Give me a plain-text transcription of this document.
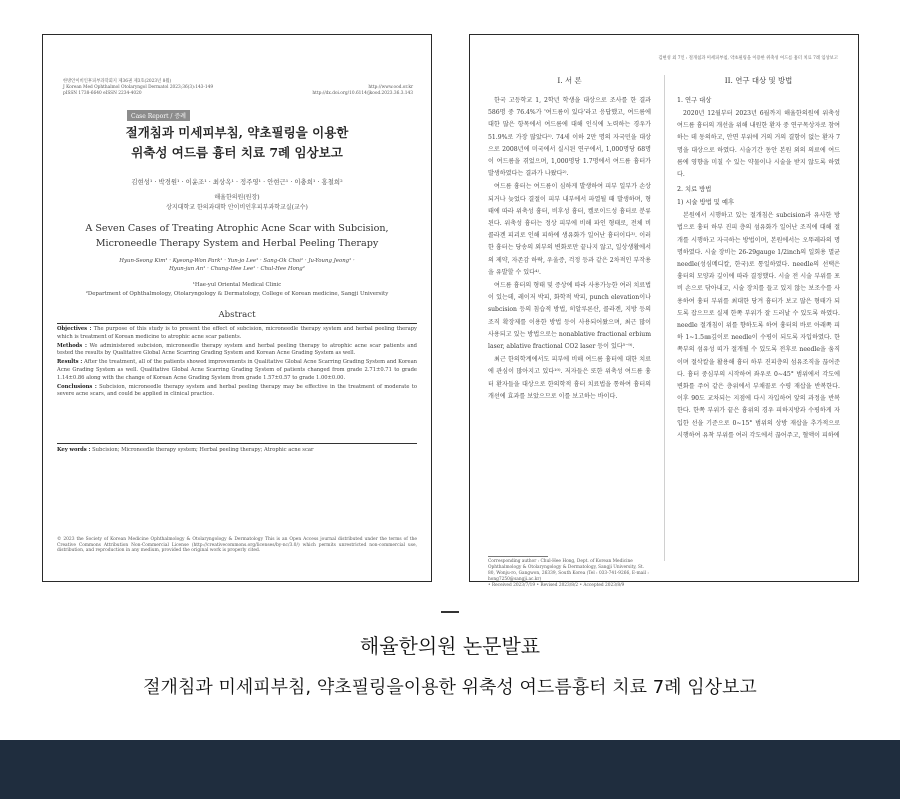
한방안이비인후피부과학회지 제36권 제3호(2023년 8월)
J Korean Med Ophthalmol Otolaryngol Dermatol 2023;36(3):143-149
pISSN 1738-6640 eISSN 2234-4020
http://www.ood.or.kr
http://dx.doi.org/10.6114/jkood.2023.36.3.143
Case Report / 증례
절개침과 미세피부침, 약초필링을 이용한
위축성 여드름 흉터 치료 7례 임상보고
김현성¹ · 박경원¹ · 이윤조¹ · 최상옥¹ · 정주영¹ · 안현근¹ · 이충희¹ · 홍철희²
해율한의원(원장)
상지대학교 한의과대학 안이비인후피부과학교실(교수)
A Seven Cases of Treating Atrophic Acne Scar with Subcision,
Microneedle Therapy System and Herbal Peeling Therapy
Hyun-Seong Kim¹ · Kyeong-Won Park¹ · Yun-jo Lee¹ · Sang-Ok Choi¹ · Ju-Young Jeong¹ ·
Hyun-jun An¹ · Chung-Hee Lee¹ · Chul-Hee Hong²
¹Hae-yul Oriental Medical Clinic
²Department of Ophthalmology, Otolaryngology & Dermatology, College of Korean medicine, Sangji University
Abstract

Objectives : The purpose of this study is to present the effect of subcision, microneedle therapy system and herbal peeling therapy which is treatment of Korean medicine to atrophic acne scar patients.

Methods : We administered subcision, microneedle therapy system and herbal peeling therapy to atrophic acne scar patients and tested the results by Qualitative Global Acne Scarring Grading System and Korean Acne Grading System as well.

Results : After the treatment, all of the patients showed improvements in Qualitative Global Acne Scarring Grading System and Korean Acne Grading System as well. Qualitative Global Acne Scarring Grading System of patients changed from grade 2.71±0.71 to grade 1.14±0.86 along with the change of Korean Acne Grading System from grade 1.57±0.57 to grade 1.00±0.00.

Conclusions : Subcision, microneedle therapy system and herbal peeling therapy may be effective in the treatment of moderate to severe acne scars, and could be applied in clinical practice.

Key words : Subcision; Microneedle therapy system; Herbal peeling therapy; Atrophic acne scar
© 2023 the Society of Korean Medicine Ophthalmology & Otolaryngology & Dermatology This is an Open Access journal distributed under the terms of the Creative Commons Attribution Non-Commercial License (http://creativecommons.org/licenses/by-nc/3.0/) which permits unrestricted non-commercial use, distribution, and reproduction in any medium, provided the original work is properly cited.
김현성 외 7인 : 절개침과 미세피부침, 약초필링을 이용한 위축성 여드름 흉터 치료 7례 임상보고
I. 서 론

한국 고등학교 1, 2학년 학생을 대상으로 조사를 한 결과 586명 중 76.4%가 '여드름이 있다'라고 응답했고, 여드름에 대한 많은 항목에서 여드름에 대해 인식에 노력하는 경우가 51.9%로 가장 많았다¹⁾. 74세 이하 2만 명의 자국민을 대상으로 2008년에 미국에서 실시된 연구에서, 1,000명당 68명이 여드름을 겪었으며, 1,000명당 1.7명에서 여드름 흉터가 발생하였다는 결과가 나왔다²⁾.

여드름 흉터는 여드름이 심하게 발생하여 피부 일부가 손상되거나 늦었다 결절이 피부 내부에서 파열될 때 발생하며, 형태에 따라 위축성 흉터, 비후성 흉터, 켈로이드성 흉터로 분류된다. 위축성 흉터는 정상 피부에 비해 파인 형태로, 전체 비 콜라겐 피괴로 인해 피하에 생유화가 일어난 흉터이다³⁾. 이러한 흉터는 당송의 외부의 변화로만 끝나지 않고, 일상생활에서의 제약, 자존감 하락, 우울증, 걱정 등과 같은 2차적인 부작용을 유발할 수 있다⁴⁾.

여드름 흉터의 형태 및 증상에 따라 사용가능한 여러 치료법이 있는데, 레이저 박피, 화학적 박피, punch elevation이나 subcision 등의 침습적 방법, 히알루론산, 콜라겐, 지방 등의 조직 확장제를 이용한 방법 등이 사용되어왔으며, 최근 많이 사용되고 있는 방법으로는 nonablative fractional erbium laser, ablative fractional CO2 laser 등이 있다⁵⁻⁹⁾.

최근 한의학계에서도 피부에 비해 여드름 흉터에 대한 치료에 관심이 많아지고 있다¹⁰⁾. 저자들은 또한 위축성 여드름 흉터 환자들을 대상으로 한의학적 흉터 치료법을 통하여 흉터의 개선에 효과를 보았으므로 이를 보고하는 바이다.

II. 연구 대상 및 방법
1. 연구 대상

2020년 12월부터 2023년 6월까지 해율한의원에 위축성 여드름 흉터의 개선을 위해 내원한 환자 중 연구목상자로 참여하는 데 동의하고, 안면 부위에 거의 거의 결함이 없는 환자 7명을 대상으로 하였다. 시술기간 동안 본원 외의 의료에 여드름에 영향을 미칠 수 있는 약물이나 시술을 받지 않도록 하였다.

2. 치료 방법
1) 시술 방법 및 예후

본원에서 시행하고 있는 절개침은 subcision과 유사한 방법으로 흉터 하부 진피 층의 섬유화가 일어난 조직에 대해 절개를 시행하고 자극하는 방법이며, 본원에서는 오뚜레라의 명명하였다. 시술 장비는 26-29gauge 1/2inch의 일회용 멸균 needle(성심메디칼, 한국)로 통일하였다. needle의 선택은 흉터의 모양과 깊이에 따라 결정했다. 시술 전 시술 부위를 포비 손으로 닦아내고, 시술 장치를 들고 있지 않는 보조수를 사용하여 흉터 부위를 최대한 당겨 흉터가 보고 많은 형태가 되도록 잡으므로 실제 한쪽 부위가 잘 드러날 수 있도록 하였다. needle 절개침이 위를 향하도록 하여 흉터의 바로 아래쪽 피하 1~1.5㎜깊이로 needle이 수평이 되도록 자입하였다. 한쪽부의 섬유성 띠가 절개될 수 있도록 전후로 needle을 움직이며 절삭칼을 활용해 흉터 하부 진피층의 섬유조직을 끊어준다. 흉터 중심부의 시작하여 좌우로 0~45° 범위에서 각도에 변화를 주어 같은 층위에서 부채꼴로 수평 재삽을 반복한다. 이후 90도 교차되는 지점에 다시 자입하여 앞의 과정을 반복한다. 한쪽 부위가 끝은 흉위의 경우 피하지방과 수평하게 자입한 선을 기준으로 0~15° 범위의 상방 재삽을 추가적으로 시행하여 유착 부위를 여러 각도에서 끊어주고, 혈액이 피하에

Corresponding author : Chul-Hee Hong, Dept. of Korean Medicine Ophthalmology & Otolaryngology & Dermatology, Sangji University, St. 80, Wonju-ro, Gangwon, 26339, South Korea (Tel : 033-741-9266, E-mail : hong7250@sangji.ac.kr)
• Received 2023/7/19 • Revised 2023/8/2 • Accepted 2023/8/9
해율한의원 논문발표
절개침과 미세피부침, 약초필링을이용한 위축성 여드름흉터 치료 7례 임상보고
